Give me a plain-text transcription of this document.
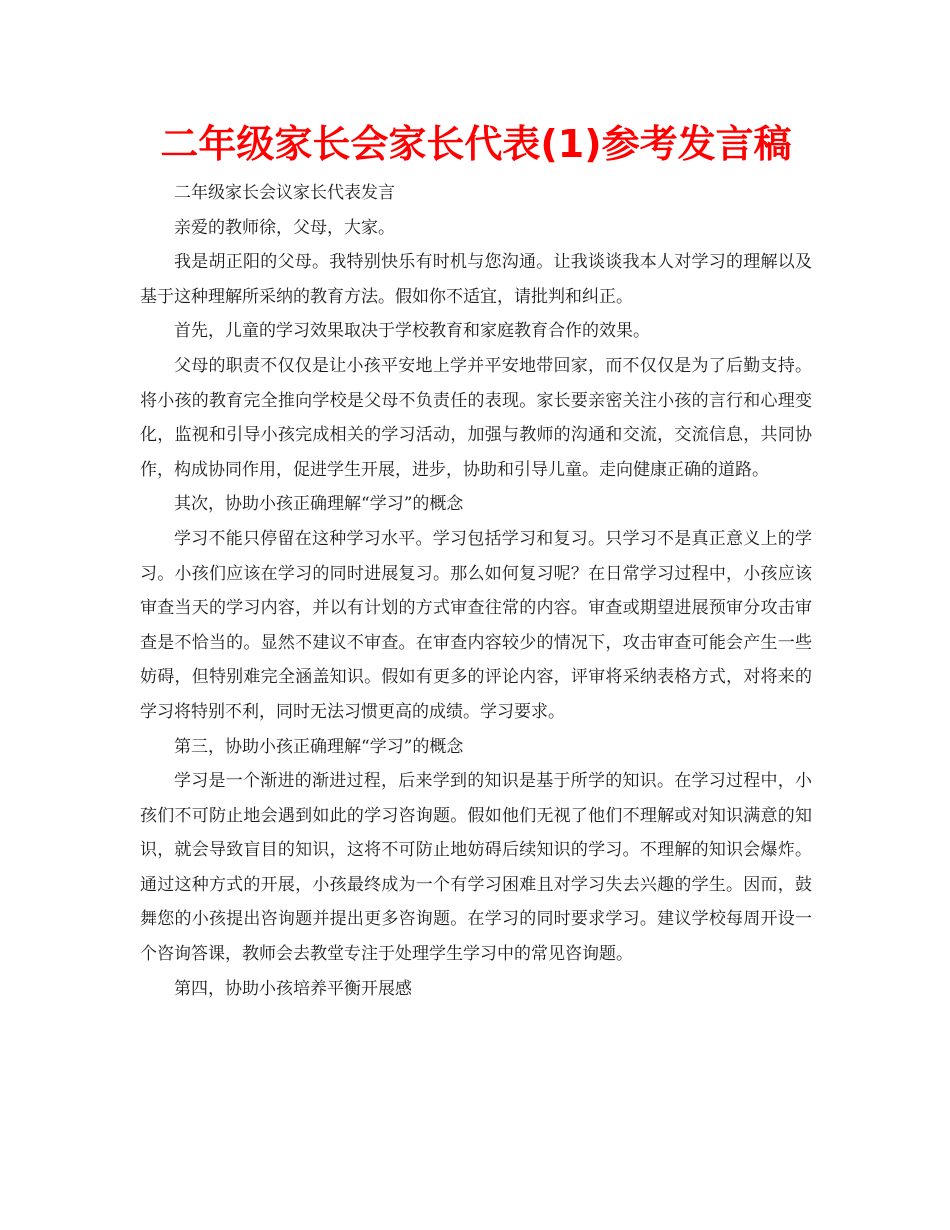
二年级家长会家长代表(1)参考发言稿

二年级家长会议家长代表发言

亲爱的教师徐，父母，大家。

我是胡正阳的父母。我特别快乐有时机与您沟通。让我谈谈我本人对学习的理解以及基于这种理解所采纳的教育方法。假如你不适宜，请批判和纠正。

首先，儿童的学习效果取决于学校教育和家庭教育合作的效果。

父母的职责不仅仅是让小孩平安地上学并平安地带回家，而不仅仅是为了后勤支持。将小孩的教育完全推向学校是父母不负责任的表现。家长要亲密关注小孩的言行和心理变化，监视和引导小孩完成相关的学习活动，加强与教师的沟通和交流，交流信息，共同协作，构成协同作用，促进学生开展，进步，协助和引导儿童。走向健康正确的道路。

其次，协助小孩正确理解“学习”的概念

学习不能只停留在这种学习水平。学习包括学习和复习。只学习不是真正意义上的学习。小孩们应该在学习的同时进展复习。那么如何复习呢？在日常学习过程中，小孩应该审查当天的学习内容，并以有计划的方式审查往常的内容。审查或期望进展预审分攻击审查是不恰当的。显然不建议不审查。在审查内容较少的情况下，攻击审查可能会产生一些妨碍，但特别难完全涵盖知识。假如有更多的评论内容，评审将采纳表格方式，对将来的学习将特别不利，同时无法习惯更高的成绩。学习要求。

第三，协助小孩正确理解“学习”的概念

学习是一个渐进的渐进过程，后来学到的知识是基于所学的知识。在学习过程中，小孩们不可防止地会遇到如此的学习咨询题。假如他们无视了他们不理解或对知识满意的知识，就会导致盲目的知识，这将不可防止地妨碍后续知识的学习。不理解的知识会爆炸。通过这种方式的开展，小孩最终成为一个有学习困难且对学习失去兴趣的学生。因而，鼓舞您的小孩提出咨询题并提出更多咨询题。在学习的同时要求学习。建议学校每周开设一个咨询答课，教师会去教堂专注于处理学生学习中的常见咨询题。

第四，协助小孩培养平衡开展感
